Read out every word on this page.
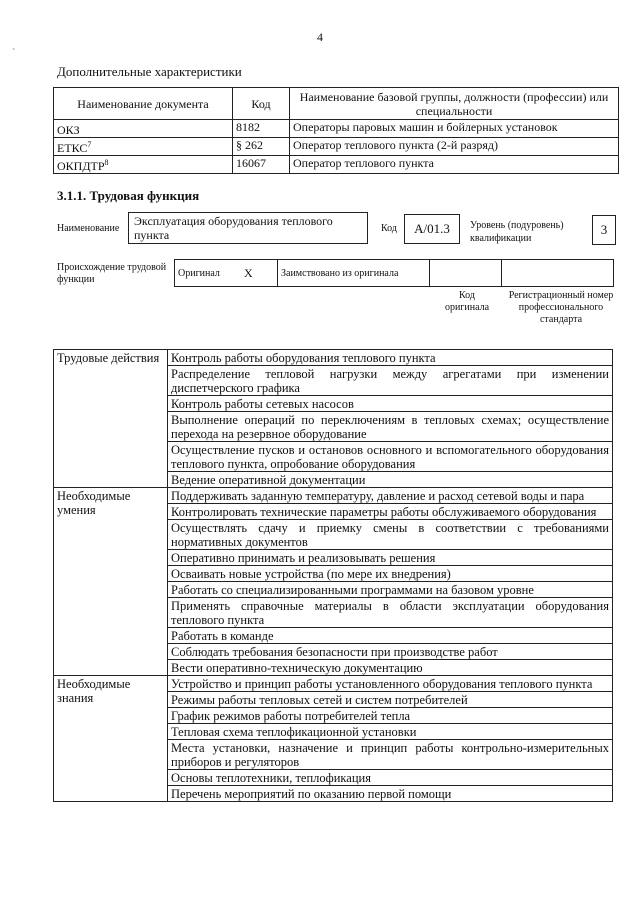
4
`
Дополнительные характеристики
Наименование документа	Код	Наименование базовой группы, должности (профессии) или специальности
ОКЗ	8182	Операторы паровых машин и бойлерных установок
ЕТКС$^7$	§ 262	Оператор теплового пункта (2-й разряд)
ОКПДТР$^8$	16067	Оператор теплового пункта
3.1.1. Трудовая функция
Наименование
Эксплуатация оборудования теплового пункта	Код	А/01.3	Уровень (подуровень) квалификации
3
Происхождение трудовой функции
Оригинал	X	Заимствовано из оригинала		
Код оригинала
Регистрационный номер профессионального стандарта
Трудовые действия	Контроль работы оборудования теплового пункта
	Распределение тепловой нагрузки между агрегатами при изменении диспетчерского графика
	Контроль работы сетевых насосов
	Выполнение операций по переключениям в тепловых схемах; осуществление перехода на резервное оборудование
	Осуществление пусков и остановов основного и вспомогательного оборудования теплового пункта, опробование оборудования
	Ведение оперативной документации
Необходимые умения	Поддерживать заданную температуру, давление и расход сетевой воды и пара
	Контролировать технические параметры работы обслуживаемого оборудования
	Осуществлять сдачу и приемку смены в соответствии с требованиями нормативных документов
	Оперативно принимать и реализовывать решения
	Осваивать новые устройства (по мере их внедрения)
	Работать со специализированными программами на базовом уровне
	Применять справочные материалы в области эксплуатации оборудования теплового пункта
	Работать в команде
	Соблюдать требования безопасности при производстве работ
	Вести оперативно-техническую документацию
Необходимые знания	Устройство и принцип работы установленного оборудования теплового пункта
	Режимы работы тепловых сетей и систем потребителей
	График режимов работы потребителей тепла
	Тепловая схема теплофикационной установки
	Места установки, назначение и принцип работы контрольно-измерительных приборов и регуляторов
	Основы теплотехники, теплофикация
	Перечень мероприятий по оказанию первой помощи
